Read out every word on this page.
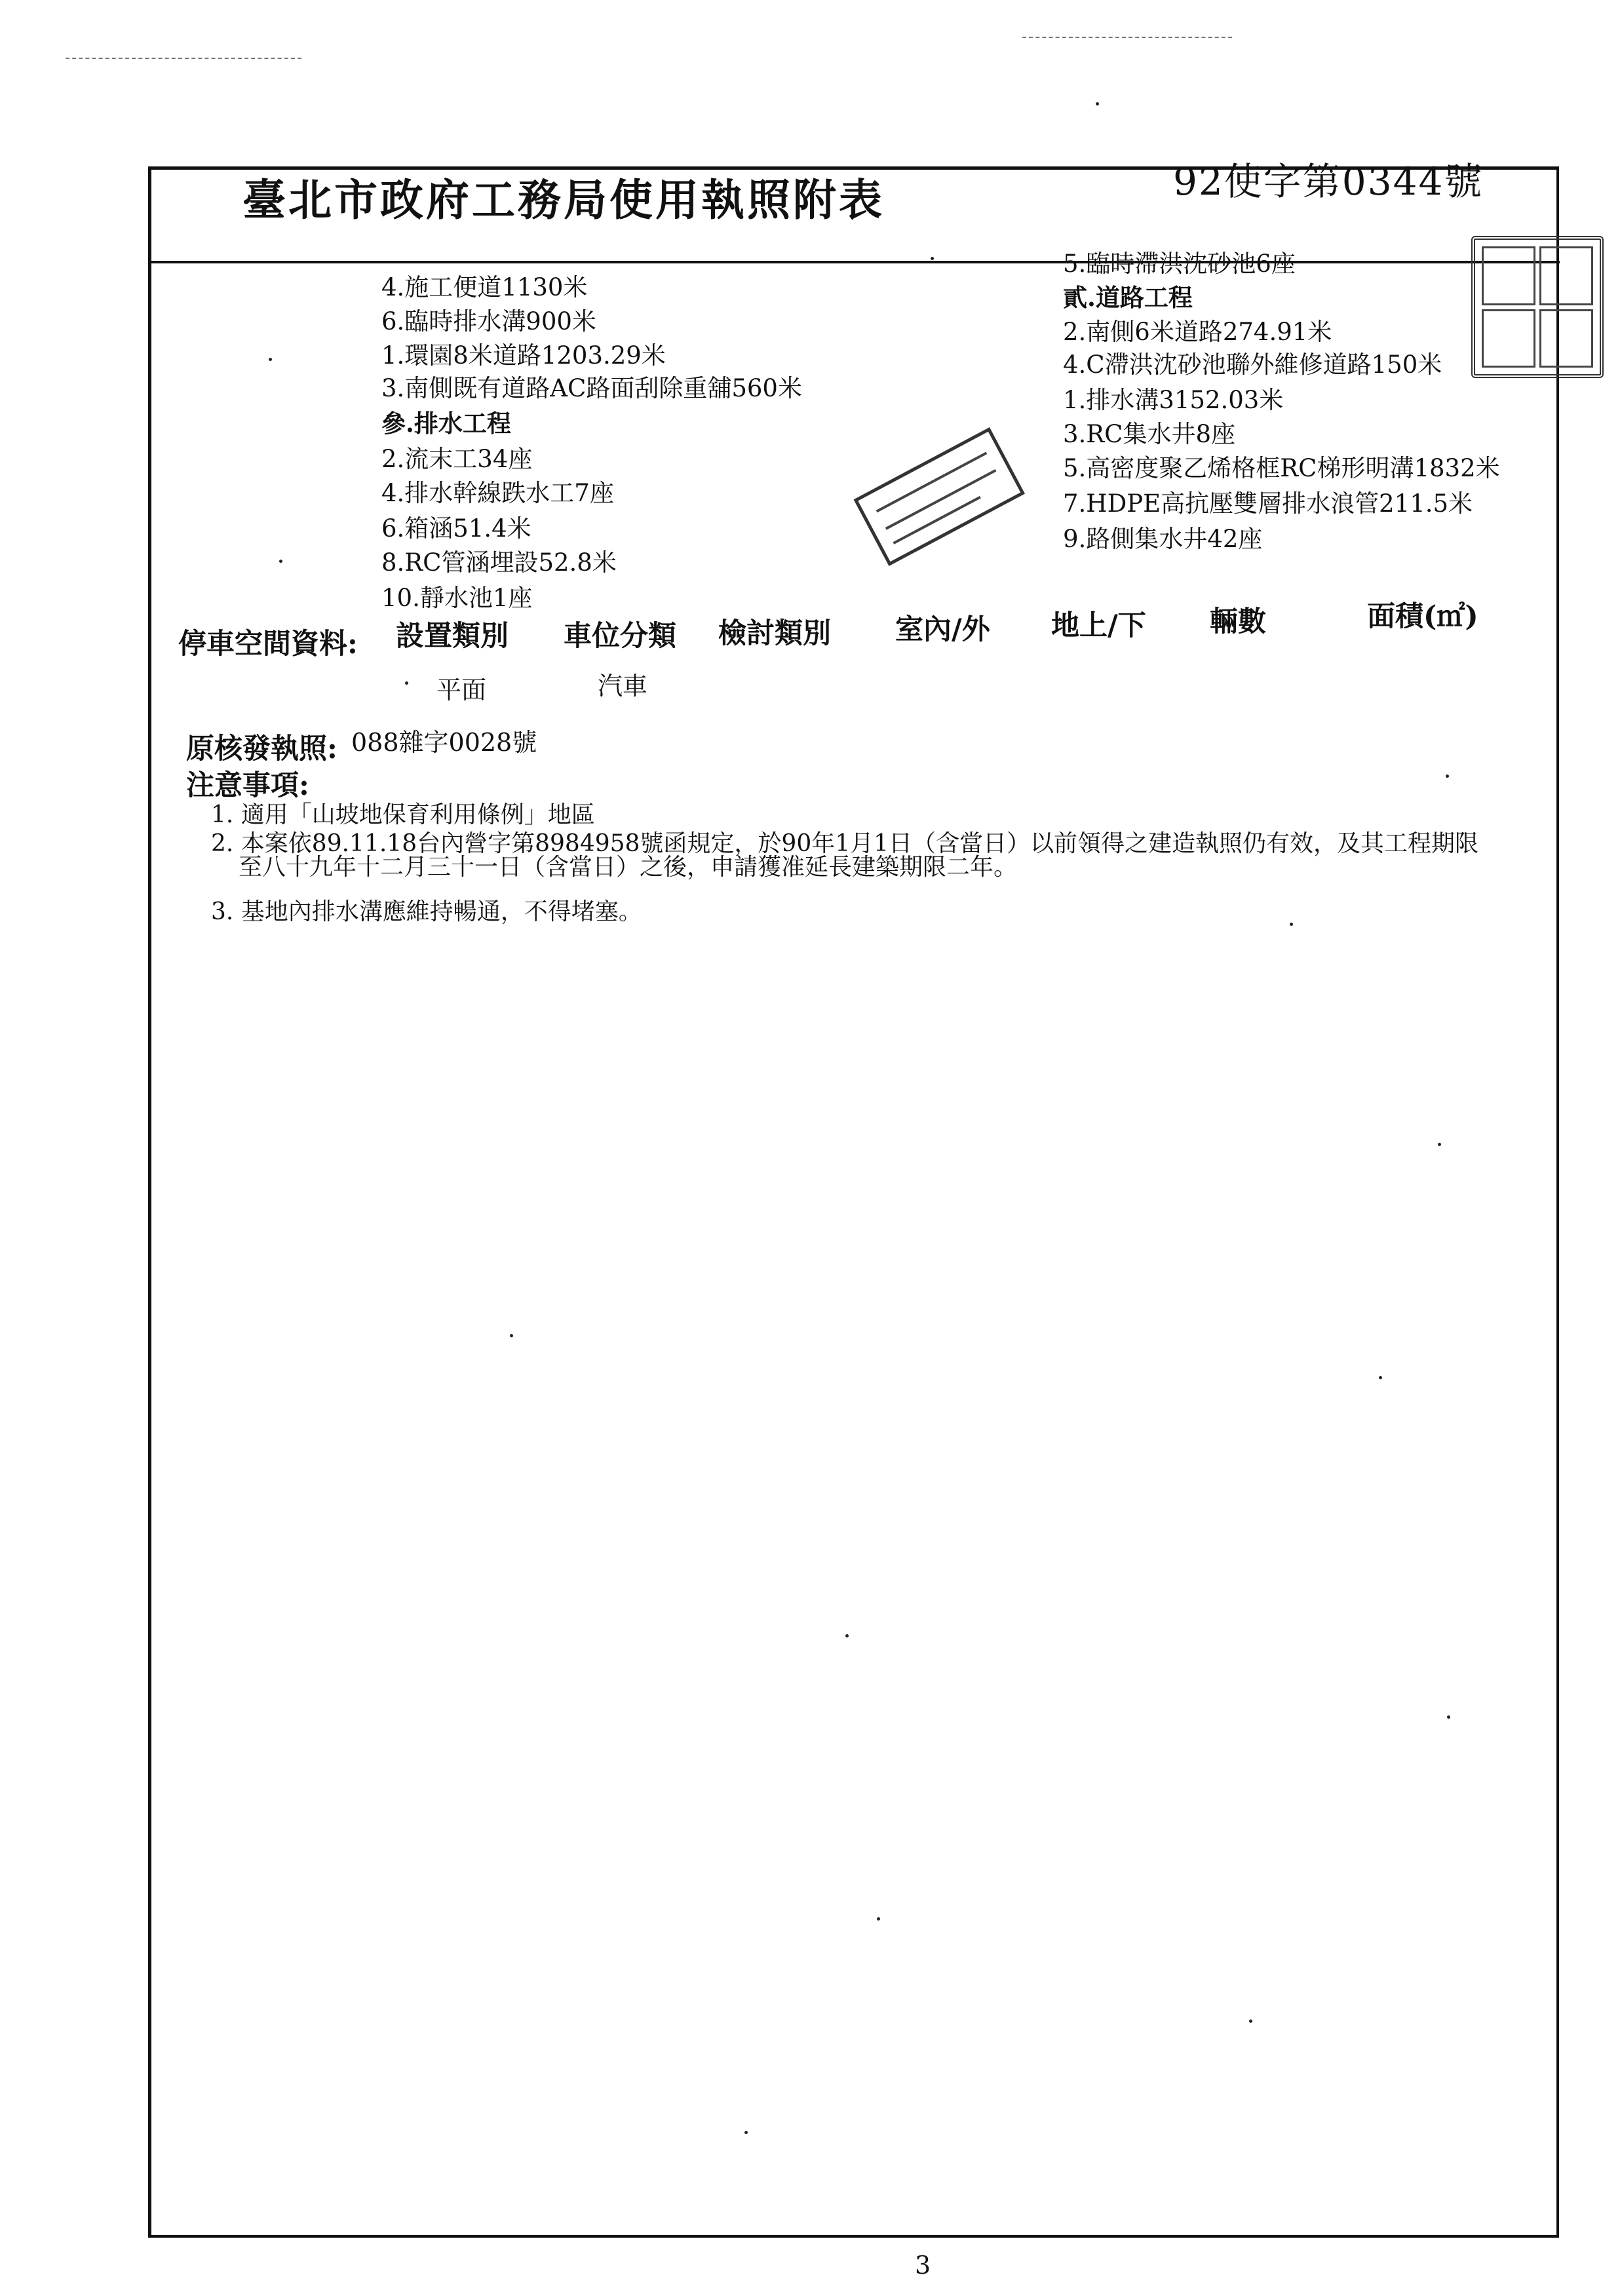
臺北市政府工務局使用執照附表	92使字第0344號
4.施工便道1130米
6.臨時排水溝900米
1.環園8米道路1203.29米
3.南側既有道路AC路面刮除重舖560米
參.排水工程
2.流末工34座
4.排水幹線跌水工7座
6.箱涵51.4米
8.RC管涵埋設52.8米
10.靜水池1座
5.臨時滯洪沈砂池6座
貳.道路工程
2.南側6米道路274.91米
4.C滯洪沈砂池聯外維修道路150米
1.排水溝3152.03米
3.RC集水井8座
5.高密度聚乙烯格框RC梯形明溝1832米
7.HDPE高抗壓雙層排水浪管211.5米
9.路側集水井42座
停車空間資料: 設置類別 車位分類 檢討類別 室內/外 地上/下 輛數	面積(㎡)
平面	汽車
原核發執照: 088雜字0028號
注意事項:
1. 適用「山坡地保育利用條例」地區
2. 本案依89.11.18台內營字第8984958號函規定，於90年1月1日（含當日）以前領得之建造執照仍有效，及其工程期限
至八十九年十二月三十一日（含當日）之後，申請獲准延長建築期限二年。
3. 基地內排水溝應維持暢通，不得堵塞。
3
